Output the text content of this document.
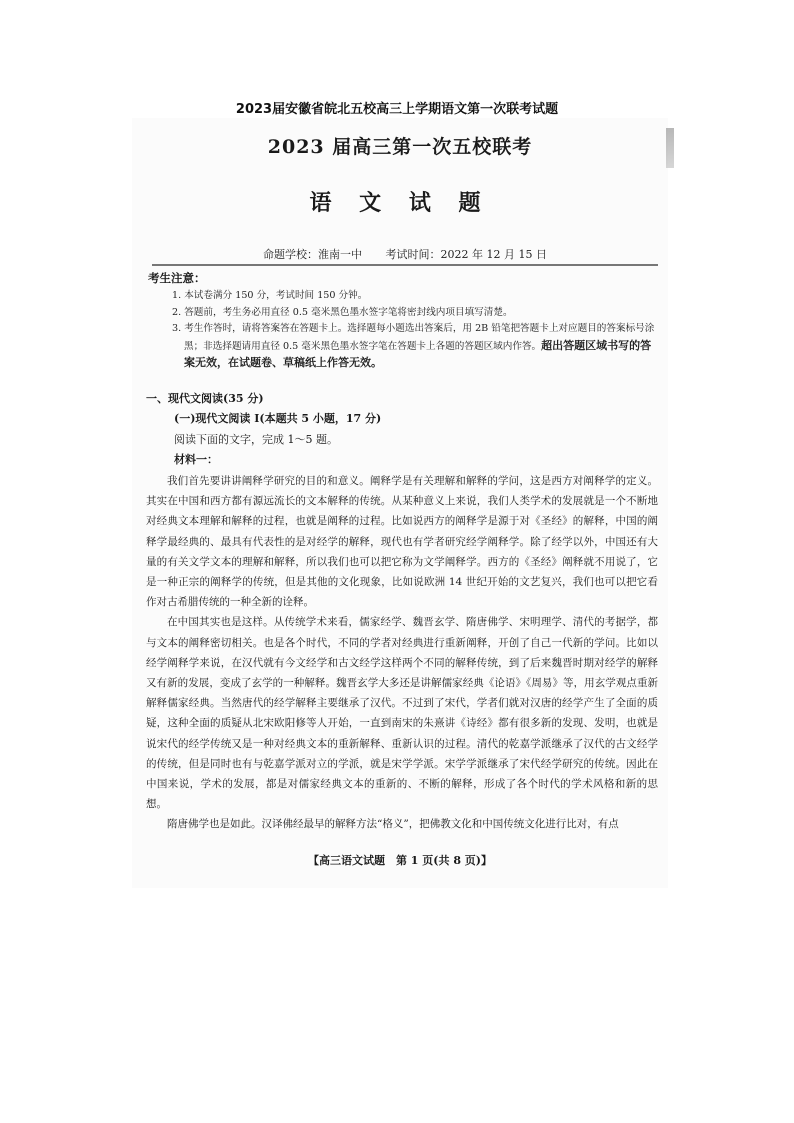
2023届安徽省皖北五校高三上学期语文第一次联考试题
2023 届高三第一次五校联考
语 文 试 题
命题学校：淮南一中 考试时间：2022 年 12 月 15 日
考生注意：
1. 本试卷满分 150 分，考试时间 150 分钟。
2. 答题前，考生务必用直径 0.5 毫米黑色墨水签字笔将密封线内项目填写清楚。
3. 考生作答时，请将答案答在答题卡上。选择题每小题选出答案后，用 2B 铅笔把答题卡上对应题目的答案标号涂黑；非选择题请用直径 0.5 毫米黑色墨水签字笔在答题卡上各题的答题区域内作答。超出答题区域书写的答案无效，在试题卷、草稿纸上作答无效。
一、现代文阅读(35 分)
(一)现代文阅读 Ⅰ(本题共 5 小题，17 分)
阅读下面的文字，完成 1～5 题。
材料一：

我们首先要讲讲阐释学研究的目的和意义。阐释学是有关理解和解释的学问，这是西方对阐释学的定义。其实在中国和西方都有源远流长的文本解释的传统。从某种意义上来说，我们人类学术的发展就是一个不断地对经典文本理解和解释的过程，也就是阐释的过程。比如说西方的阐释学是源于对《圣经》的解释，中国的阐释学最经典的、最具有代表性的是对经学的解释，现代也有学者研究经学阐释学。除了经学以外，中国还有大量的有关文学文本的理解和解释，所以我们也可以把它称为文学阐释学。西方的《圣经》阐释就不用说了，它是一种正宗的阐释学的传统，但是其他的文化现象，比如说欧洲 14 世纪开始的文艺复兴，我们也可以把它看作对古希腊传统的一种全新的诠释。

在中国其实也是这样。从传统学术来看，儒家经学、魏晋玄学、隋唐佛学、宋明理学、清代的考据学，都与文本的阐释密切相关。也是各个时代，不同的学者对经典进行重新阐释，开创了自己一代新的学问。比如以经学阐释学来说，在汉代就有今文经学和古文经学这样两个不同的解释传统，到了后来魏晋时期对经学的解释又有新的发展，变成了玄学的一种解释。魏晋玄学大多还是讲解儒家经典《论语》《周易》等，用玄学观点重新解释儒家经典。当然唐代的经学解释主要继承了汉代。不过到了宋代，学者们就对汉唐的经学产生了全面的质疑，这种全面的质疑从北宋欧阳修等人开始，一直到南宋的朱熹讲《诗经》都有很多新的发现、发明，也就是说宋代的经学传统又是一种对经典文本的重新解释、重新认识的过程。清代的乾嘉学派继承了汉代的古文经学的传统，但是同时也有与乾嘉学派对立的学派，就是宋学学派。宋学学派继承了宋代经学研究的传统。因此在中国来说，学术的发展，都是对儒家经典文本的重新的、不断的解释，形成了各个时代的学术风格和新的思想。

隋唐佛学也是如此。汉译佛经最早的解释方法“格义”，把佛教文化和中国传统文化进行比对，有点

【高三语文试题　第 1 页(共 8 页)】
